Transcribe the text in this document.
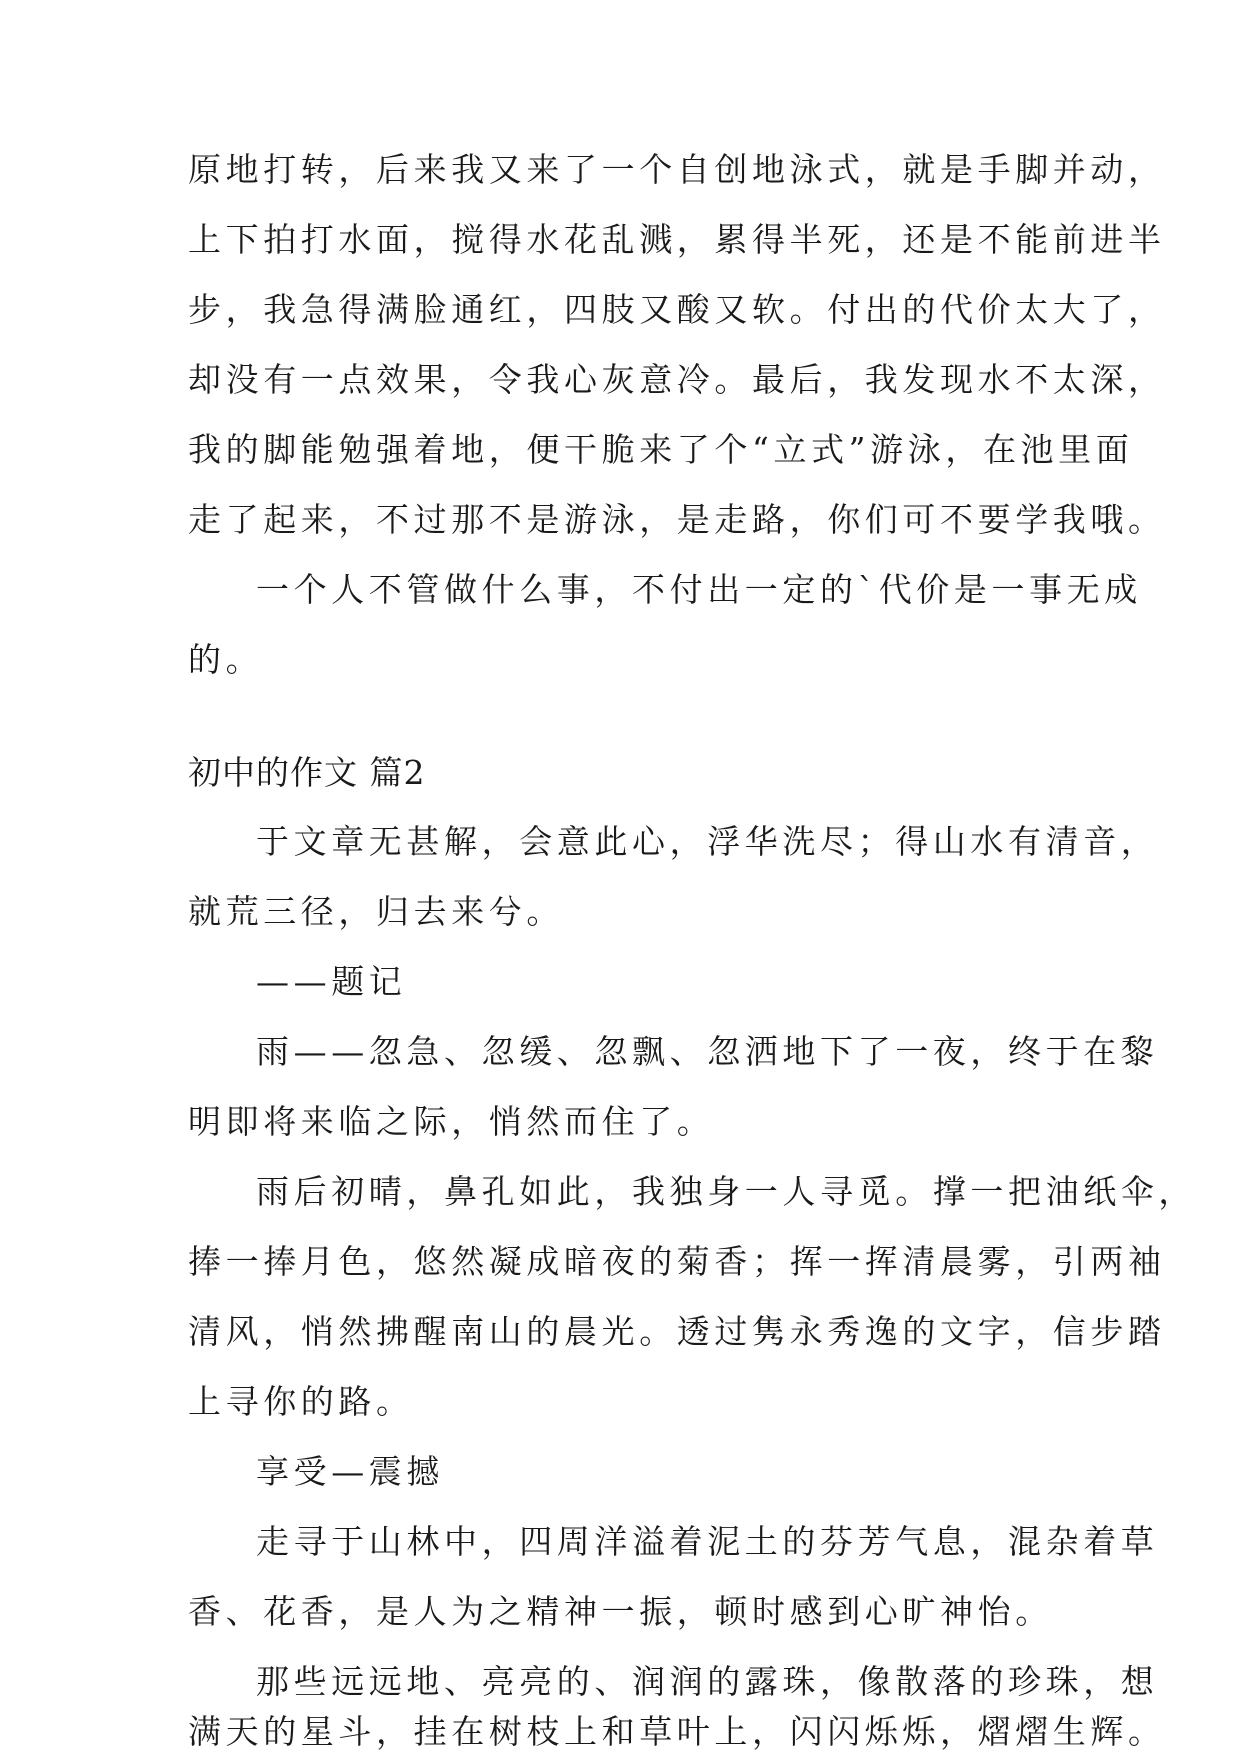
原地打转，后来我又来了一个自创地泳式，就是手脚并动，
上下拍打水面，搅得水花乱溅，累得半死，还是不能前进半
步，我急得满脸通红，四肢又酸又软。付出的代价太大了，
却没有一点效果，令我心灰意冷。最后，我发现水不太深，
我的脚能勉强着地，便干脆来了个“立式”游泳，在池里面
走了起来，不过那不是游泳，是走路，你们可不要学我哦。
一个人不管做什么事，不付出一定的`代价是一事无成
的。
初中的作文 篇2
于文章无甚解，会意此心，浮华洗尽；得山水有清音，
就荒三径，归去来兮。
——题记
雨——忽急、忽缓、忽飘、忽洒地下了一夜，终于在黎
明即将来临之际，悄然而住了。
雨后初晴，鼻孔如此，我独身一人寻觅。撑一把油纸伞，
捧一捧月色，悠然凝成暗夜的菊香；挥一挥清晨雾，引两袖
清风，悄然拂醒南山的晨光。透过隽永秀逸的文字，信步踏
上寻你的路。
享受—震撼
走寻于山林中，四周洋溢着泥土的芬芳气息，混杂着草
香、花香，是人为之精神一振，顿时感到心旷神怡。
那些远远地、亮亮的、润润的露珠，像散落的珍珠，想
满天的星斗，挂在树枝上和草叶上，闪闪烁烁，熠熠生辉。
